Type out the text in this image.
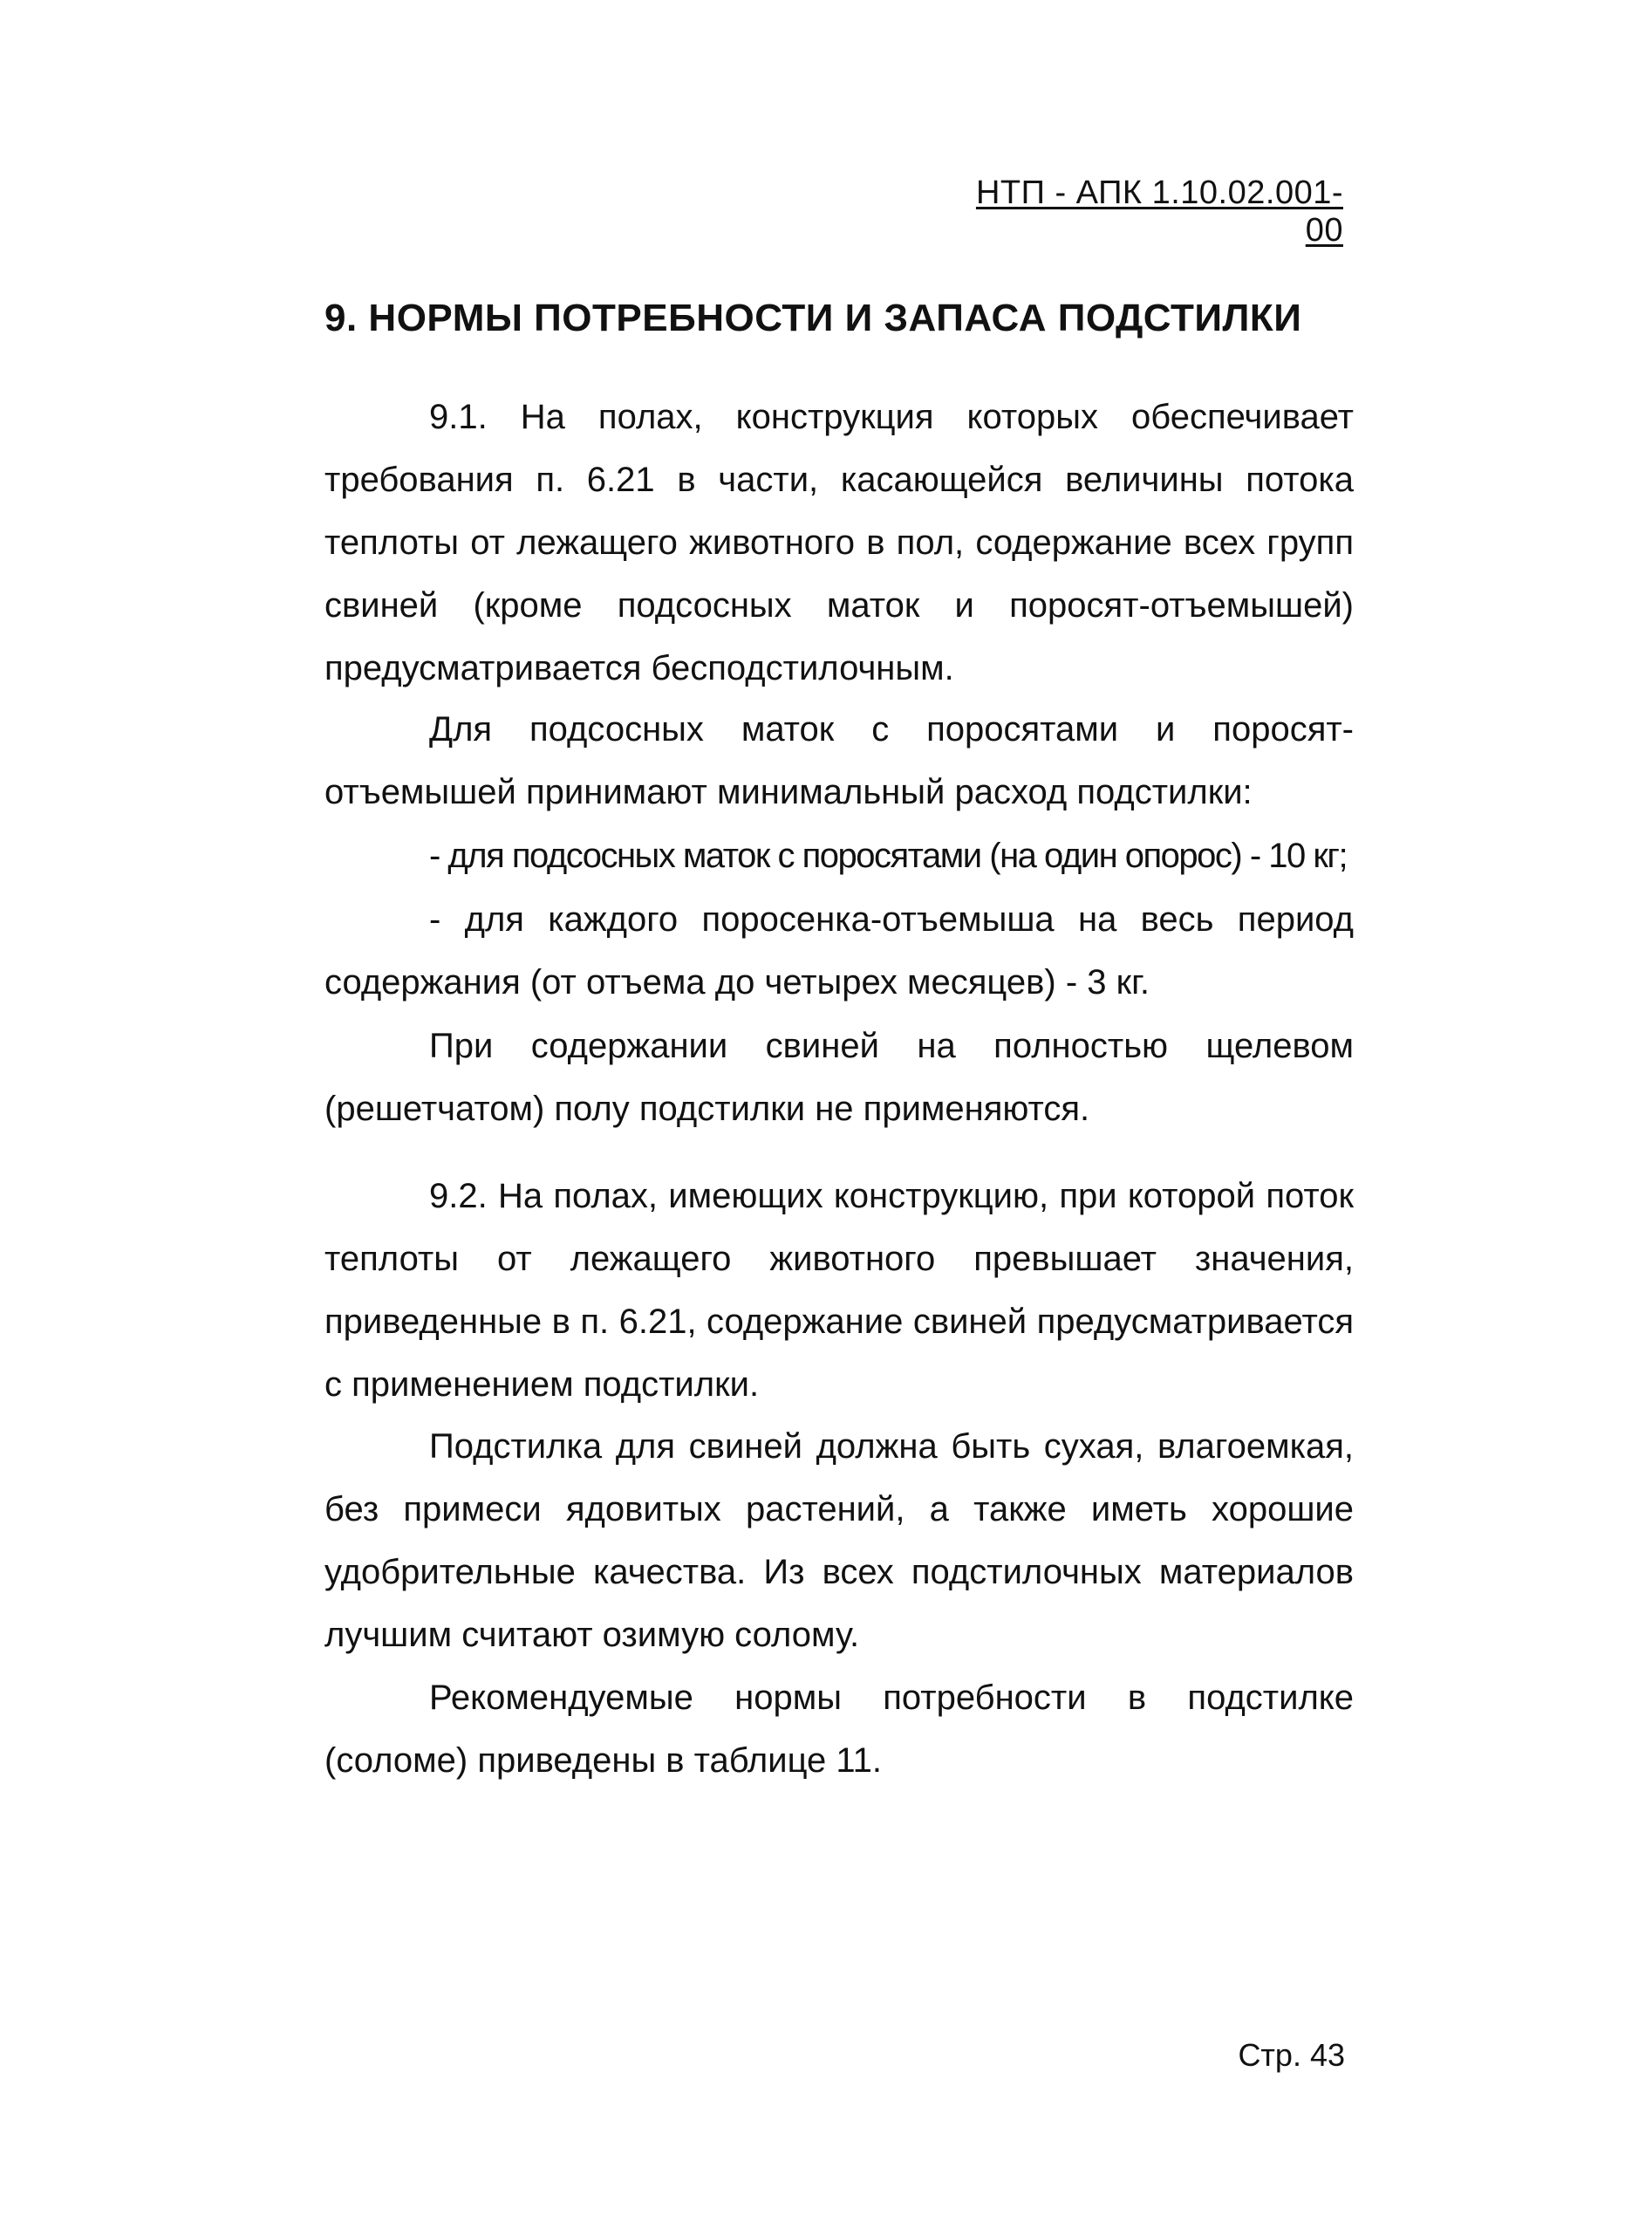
НТП - АПК 1.10.02.001-00
9. НОРМЫ ПОТРЕБНОСТИ И ЗАПАСА ПОДСТИЛКИ
9.1. На полах, конструкция которых обеспечивает требования п. 6.21 в части, касающейся величины потока теплоты от лежащего животного в пол, содержание всех групп свиней (кроме подсосных маток и поросят-отъемышей) предусматривается бесподстилочным.
Для подсосных маток с поросятами и поросят-отъемышей принимают минимальный расход подстилки:
- для подсосных маток с поросятами (на один опорос) - 10 кг;
- для каждого поросенка-отъемыша на весь период содержания (от отъема до четырех месяцев) - 3 кг.
При содержании свиней на полностью щелевом (решетчатом) полу подстилки не применяются.
9.2. На полах, имеющих конструкцию, при которой поток теплоты от лежащего животного превышает значения, приведенные в п. 6.21, содержание свиней предусматривается с применением подстилки.
Подстилка для свиней должна быть сухая, влагоемкая, без примеси ядовитых растений, а также иметь хорошие удобрительные качества. Из всех подстилочных материалов лучшим считают озимую солому.
Рекомендуемые нормы потребности в подстилке (соломе) приведены в таблице 11.
Стр. 43
